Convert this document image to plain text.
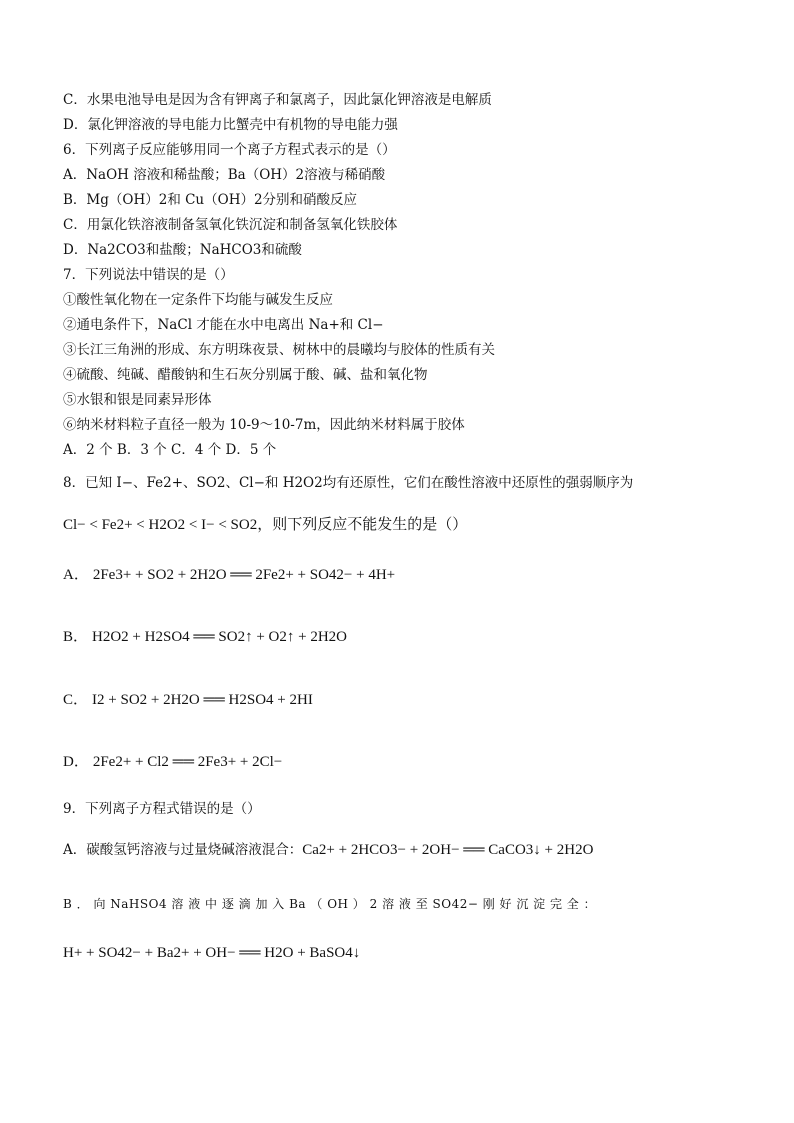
C．水果电池导电是因为含有钾离子和氯离子，因此氯化钾溶液是电解质
D．氯化钾溶液的导电能力比蟹壳中有机物的导电能力强
6．下列离子反应能够用同一个离子方程式表示的是（）
A．NaOH 溶液和稀盐酸；Ba（OH）2溶液与稀硝酸
B．Mg（OH）2和 Cu（OH）2分别和硝酸反应
C．用氯化铁溶液制备氢氧化铁沉淀和制备氢氧化铁胶体
D．Na2CO3和盐酸；NaHCO3和硫酸
7．下列说法中错误的是（）
①酸性氧化物在一定条件下均能与碱发生反应
②通电条件下，NaCl 才能在水中电离出 Na+和 Cl−
③长江三角洲的形成、东方明珠夜景、树林中的晨曦均与胶体的性质有关
④硫酸、纯碱、醋酸钠和生石灰分别属于酸、碱、盐和氧化物
⑤水银和银是同素异形体
⑥纳米材料粒子直径一般为 10-9～10-7m，因此纳米材料属于胶体
A．2 个 B．3 个 C．4 个 D．5 个
8．已知 I−、Fe2+、SO2、Cl−和 H2O2均有还原性，它们在酸性溶液中还原性的强弱顺序为
Cl− < Fe2+ < H2O2 < I− < SO2，则下列反应不能发生的是（）
A． 2Fe3+ + SO2 + 2H2O ══ 2Fe2+ + SO42− + 4H+
B． H2O2 + H2SO4 ══ SO2↑ + O2↑ + 2H2O
C． I2 + SO2 + 2H2O ══ H2SO4 + 2HI
D． 2Fe2+ + Cl2 ══ 2Fe3+ + 2Cl−
9．下列离子方程式错误的是（）
A．碳酸氢钙溶液与过量烧碱溶液混合：Ca2+ + 2HCO3− + 2OH− ══ CaCO3↓ + 2H2O
B ． 向 NaHSO4 溶 液 中 逐 滴 加 入 Ba （ OH ） 2 溶 液 至 SO42− 刚 好 沉 淀 完 全 ：
H+ + SO42− + Ba2+ + OH− ══ H2O + BaSO4↓
